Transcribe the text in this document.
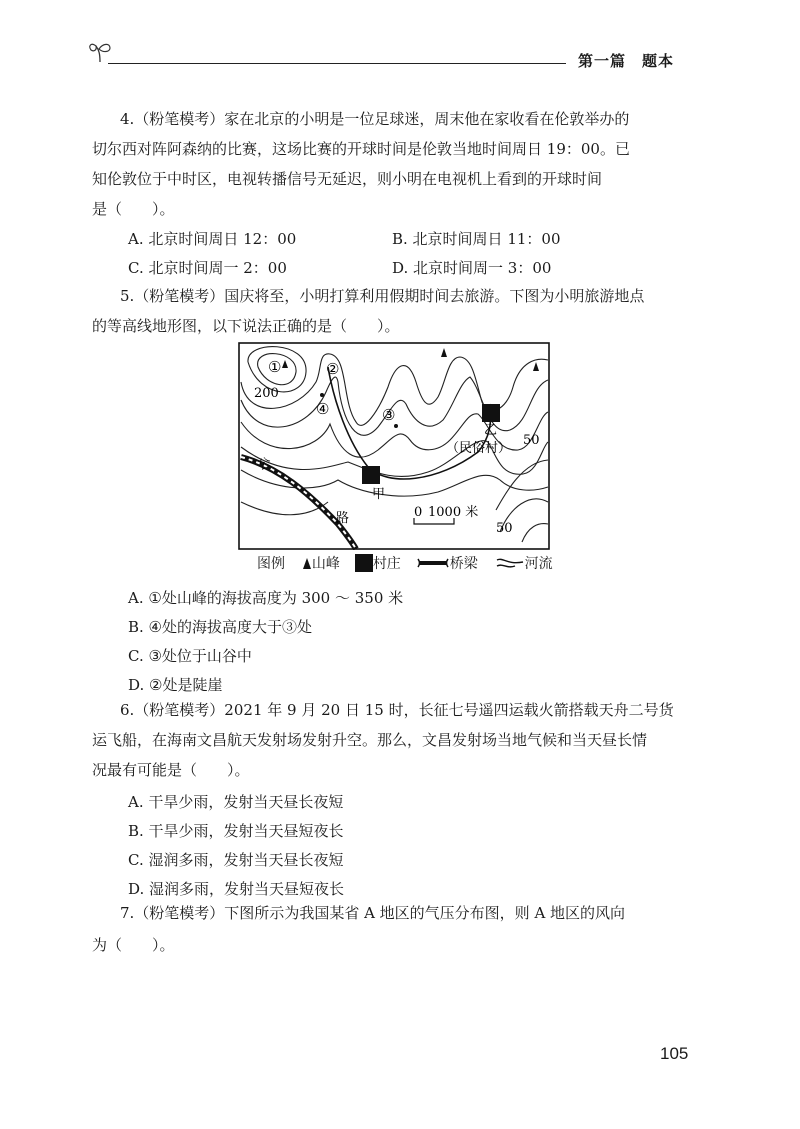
第一篇　题本
4.（粉笔模考）家在北京的小明是一位足球迷，周末他在家收看在伦敦举办的
切尔西对阵阿森纳的比赛，这场比赛的开球时间是伦敦当地时间周日 19：00。已
知伦敦位于中时区，电视转播信号无延迟，则小明在电视机上看到的开球时间
是（　　）。
A. 北京时间周日 12：00	B. 北京时间周日 11：00
C. 北京时间周一 2：00	D. 北京时间周一 3：00
5.（粉笔模考）国庆将至，小明打算利用假期时间去旅游。下图为小明旅游地点
的等高线地形图，以下说法正确的是（　　）。
①	②
③
④
200
50
50
乙
（民俗村）
甲
公
路	0 1000 米
图例 山峰 村庄	桥梁	河流
A. ①处山峰的海拔高度为 300 ～ 350 米
B. ④处的海拔高度大于③处
C. ③处位于山谷中
D. ②处是陡崖
6.（粉笔模考）2021 年 9 月 20 日 15 时，长征七号遥四运载火箭搭载天舟二号货
运飞船，在海南文昌航天发射场发射升空。那么，文昌发射场当地气候和当天昼长情
况最有可能是（　　）。
A. 干旱少雨，发射当天昼长夜短
B. 干旱少雨，发射当天昼短夜长
C. 湿润多雨，发射当天昼长夜短
D. 湿润多雨，发射当天昼短夜长
7.（粉笔模考）下图所示为我国某省 A 地区的气压分布图，则 A 地区的风向
为（　　）。
105
